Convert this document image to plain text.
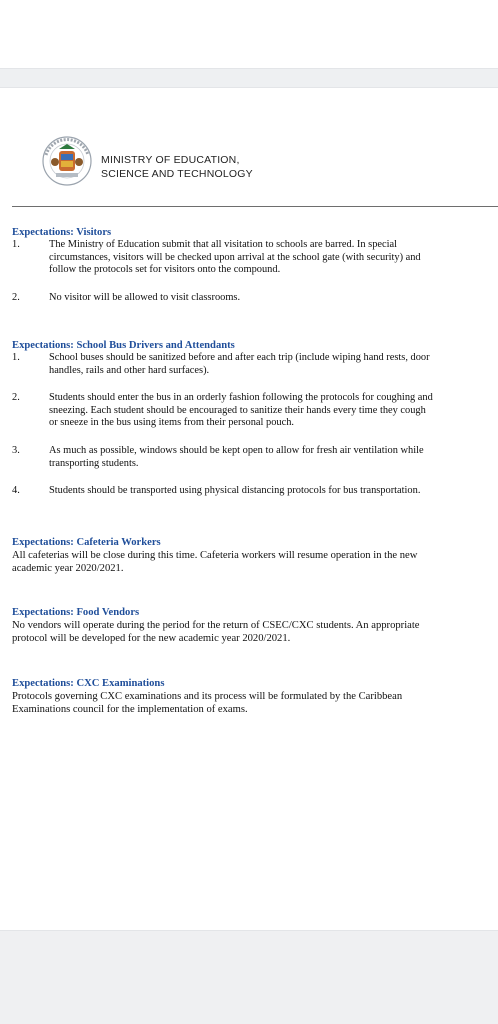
MINISTRY OF EDUCATION,
SCIENCE AND TECHNOLOGY
Expectations: Visitors
1.	The Ministry of Education submit that all visitation to schools are barred. In special
circumstances, visitors will be checked upon arrival at the school gate (with security) and
follow the protocols set for visitors onto the compound.
2.	No visitor will be allowed to visit classrooms.
Expectations: School Bus Drivers and Attendants
1.	School buses should be sanitized before and after each trip (include wiping hand rests, door
handles, rails and other hard surfaces).
2.	Students should enter the bus in an orderly fashion following the protocols for coughing and
sneezing. Each student should be encouraged to sanitize their hands every time they cough
or sneeze in the bus using items from their personal pouch.
3.	As much as possible, windows should be kept open to allow for fresh air ventilation while
transporting students.
4.	Students should be transported using physical distancing protocols for bus transportation.
Expectations: Cafeteria Workers
All cafeterias will be close during this time. Cafeteria workers will resume operation in the new
academic year 2020/2021.
Expectations: Food Vendors
No vendors will operate during the period for the return of CSEC/CXC students. An appropriate
protocol will be developed for the new academic year 2020/2021.
Expectations: CXC Examinations
Protocols governing CXC examinations and its process will be formulated by the Caribbean
Examinations council for the implementation of exams.
